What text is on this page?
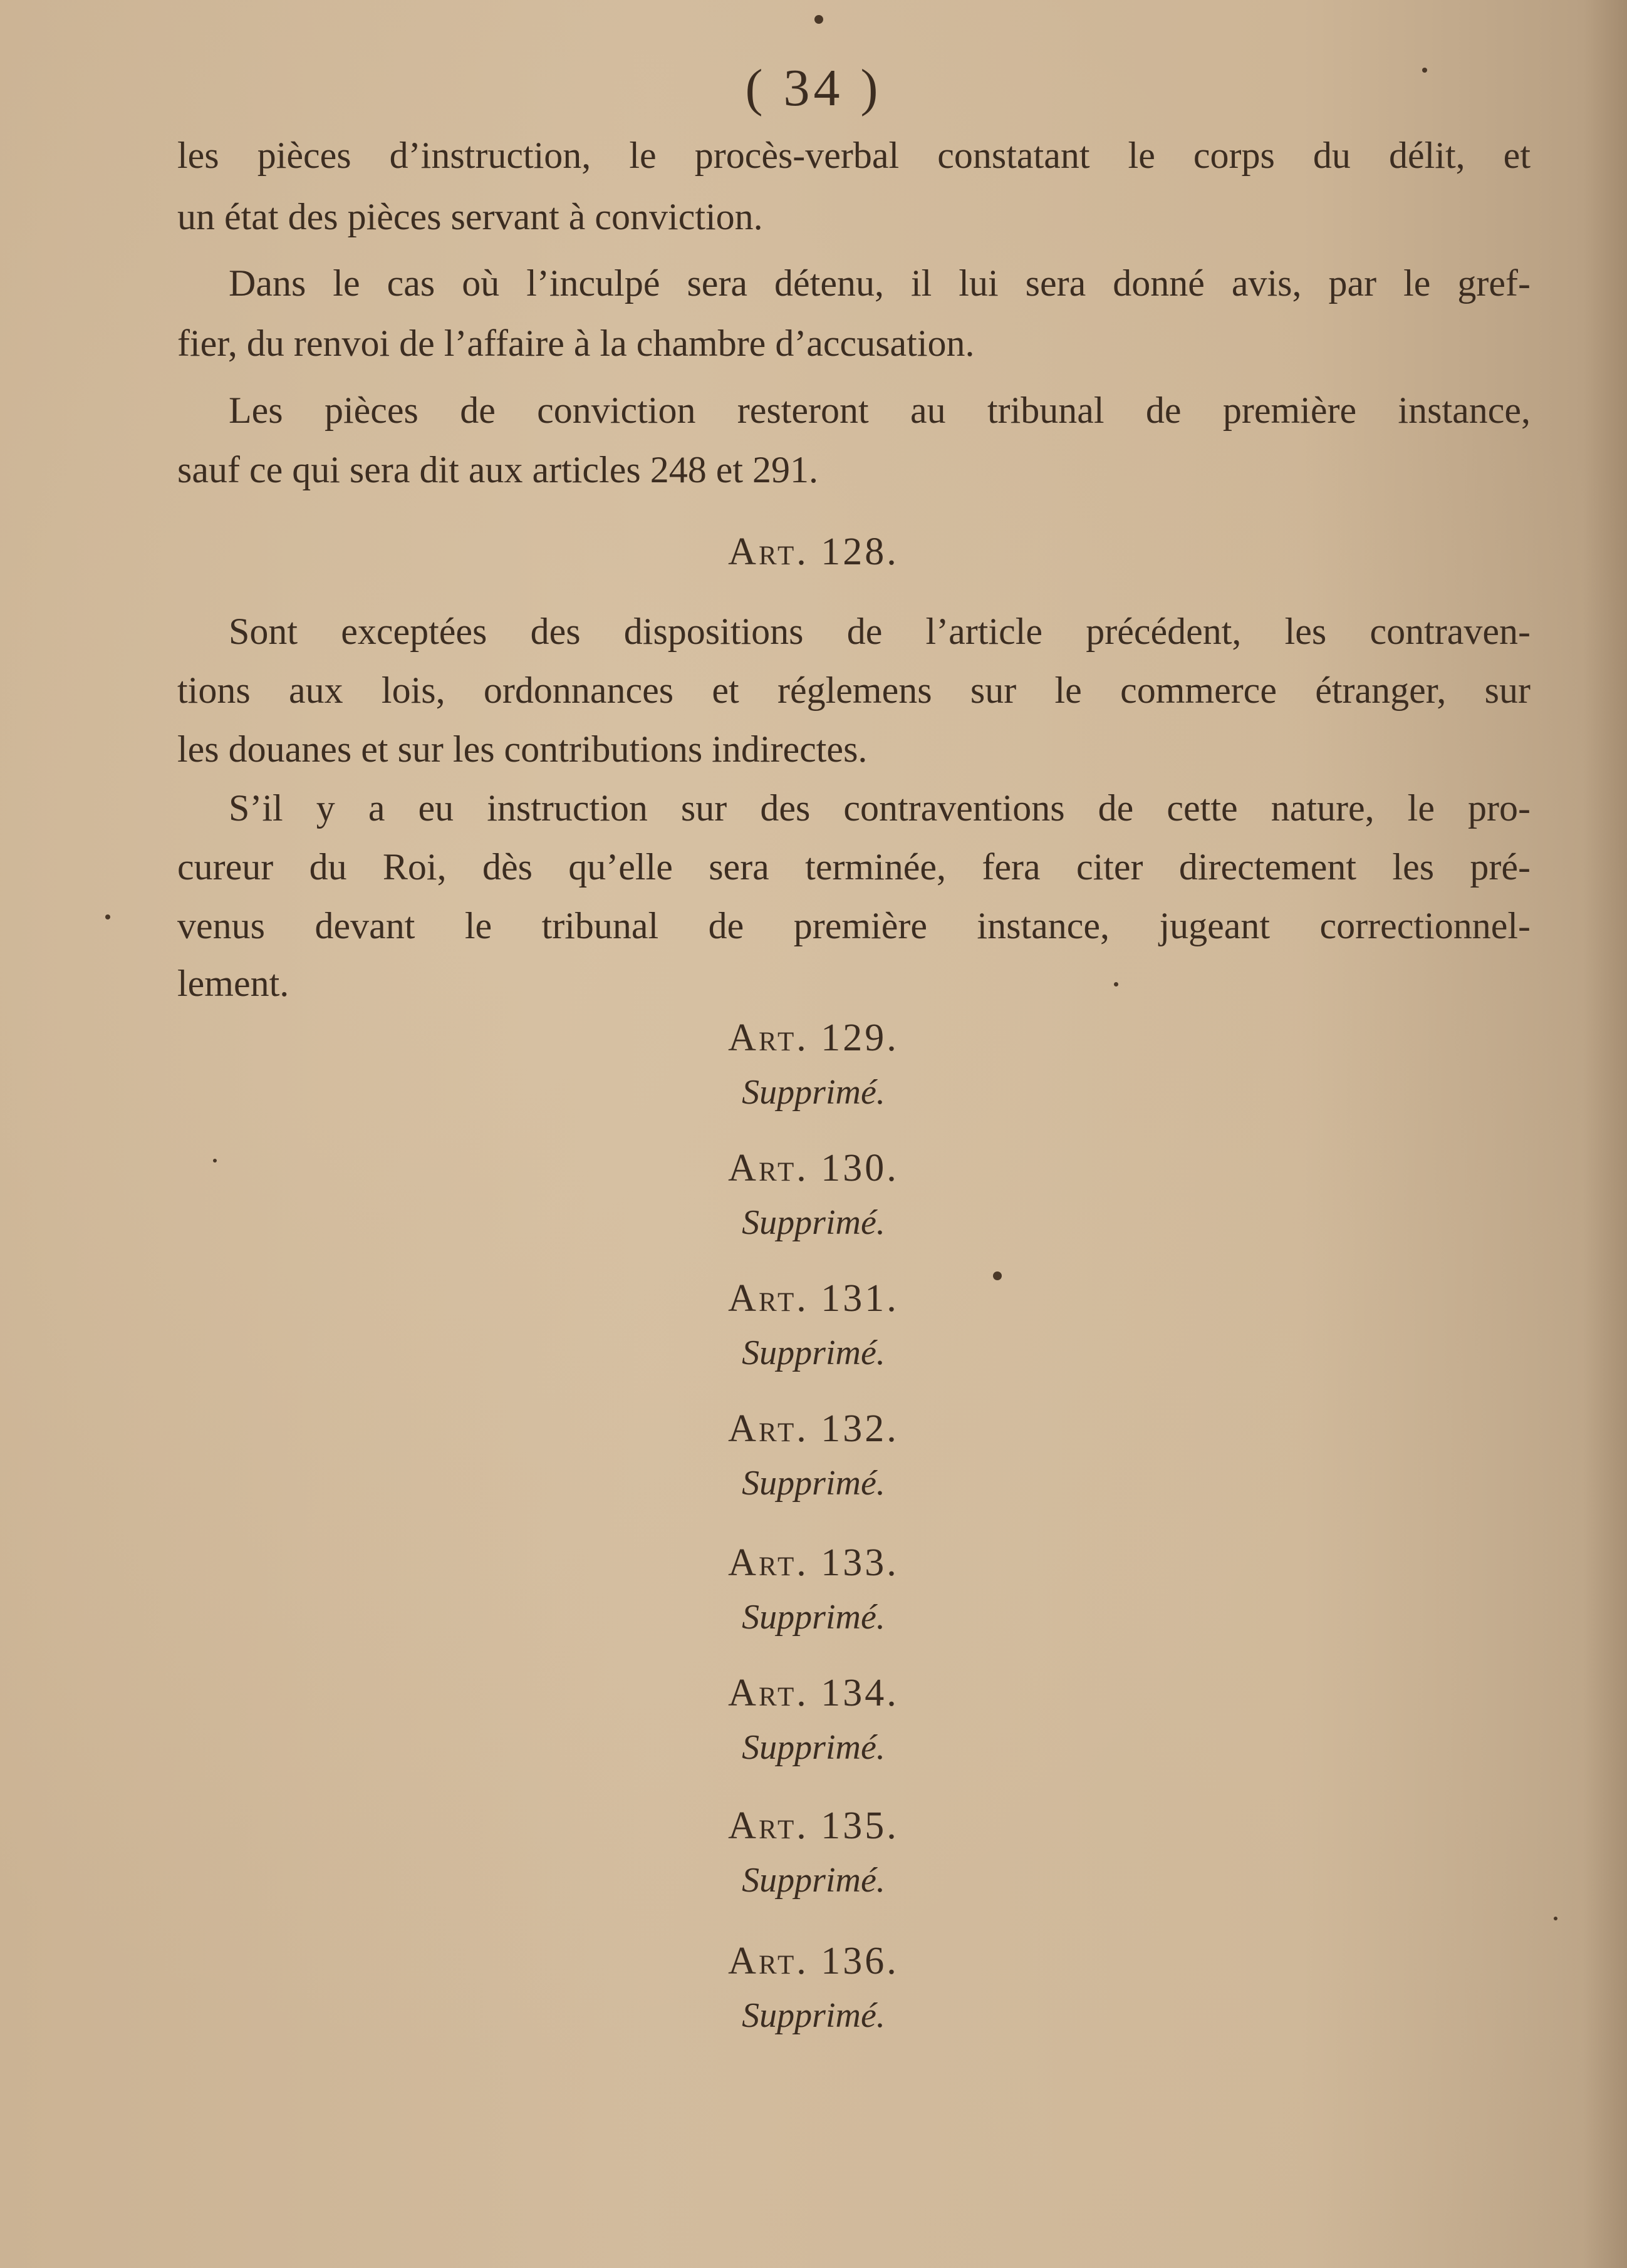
( 34 )
les pièces d’instruction, le procès-verbal constatant le corps du délit, et
un état des pièces servant à conviction.
Dans le cas où l’inculpé sera détenu, il lui sera donné avis, par le gref-
fier, du renvoi de l’affaire à la chambre d’accusation.
Les pièces de conviction resteront au tribunal de première instance,
sauf ce qui sera dit aux articles 248 et 291.
Art. 128.
Sont exceptées des dispositions de l’article précédent, les contraven-
tions aux lois, ordonnances et réglemens sur le commerce étranger, sur
les douanes et sur les contributions indirectes.
S’il y a eu instruction sur des contraventions de cette nature, le pro-
cureur du Roi, dès qu’elle sera terminée, fera citer directement les pré-
venus devant le tribunal de première instance, jugeant correctionnel-
lement.
Art. 129.
Supprimé.
Art. 130.
Supprimé.
Art. 131.
Supprimé.
Art. 132.
Supprimé.
Art. 133.
Supprimé.
Art. 134.
Supprimé.
Art. 135.
Supprimé.
Art. 136.
Supprimé.
